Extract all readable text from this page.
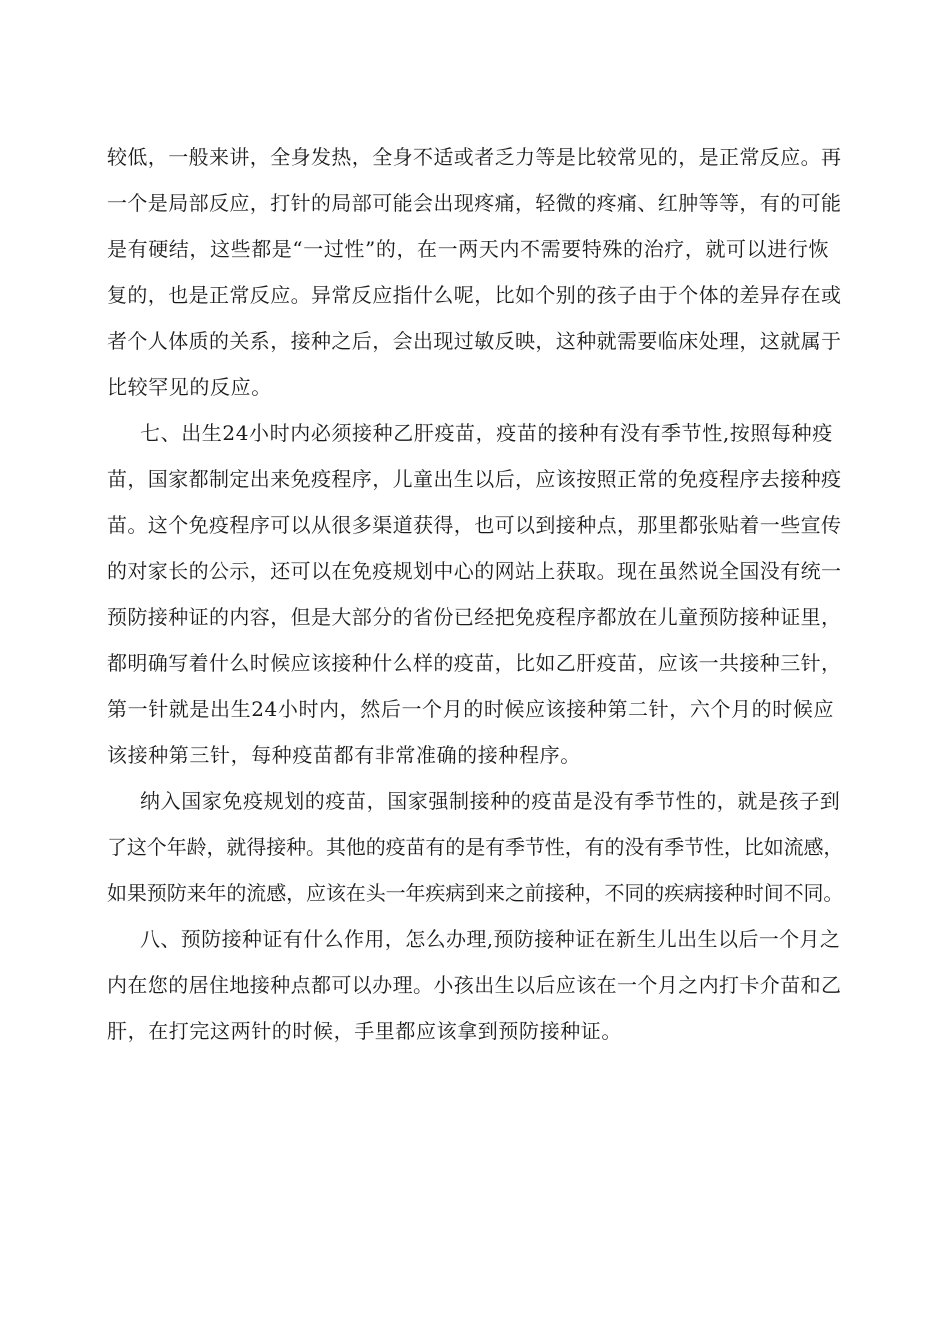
较低，一般来讲，全身发热，全身不适或者乏力等是比较常见的，是正常反应。再
一个是局部反应，打针的局部可能会出现疼痛，轻微的疼痛、红肿等等，有的可能
是有硬结，这些都是“一过性”的，在一两天内不需要特殊的治疗，就可以进行恢
复的，也是正常反应。异常反应指什么呢，比如个别的孩子由于个体的差异存在或
者个人体质的关系，接种之后，会出现过敏反映，这种就需要临床处理，这就属于
比较罕见的反应。
七、出生24小时内必须接种乙肝疫苗，疫苗的接种有没有季节性,按照每种疫
苗，国家都制定出来免疫程序，儿童出生以后，应该按照正常的免疫程序去接种疫
苗。这个免疫程序可以从很多渠道获得，也可以到接种点，那里都张贴着一些宣传
的对家长的公示，还可以在免疫规划中心的网站上获取。现在虽然说全国没有统一
预防接种证的内容，但是大部分的省份已经把免疫程序都放在儿童预防接种证里，
都明确写着什么时候应该接种什么样的疫苗，比如乙肝疫苗，应该一共接种三针，
第一针就是出生24小时内，然后一个月的时候应该接种第二针，六个月的时候应
该接种第三针，每种疫苗都有非常准确的接种程序。
纳入国家免疫规划的疫苗，国家强制接种的疫苗是没有季节性的，就是孩子到
了这个年龄，就得接种。其他的疫苗有的是有季节性，有的没有季节性，比如流感，
如果预防来年的流感，应该在头一年疾病到来之前接种，不同的疾病接种时间不同。
八、预防接种证有什么作用，怎么办理,预防接种证在新生儿出生以后一个月之
内在您的居住地接种点都可以办理。小孩出生以后应该在一个月之内打卡介苗和乙
肝，在打完这两针的时候，手里都应该拿到预防接种证。
